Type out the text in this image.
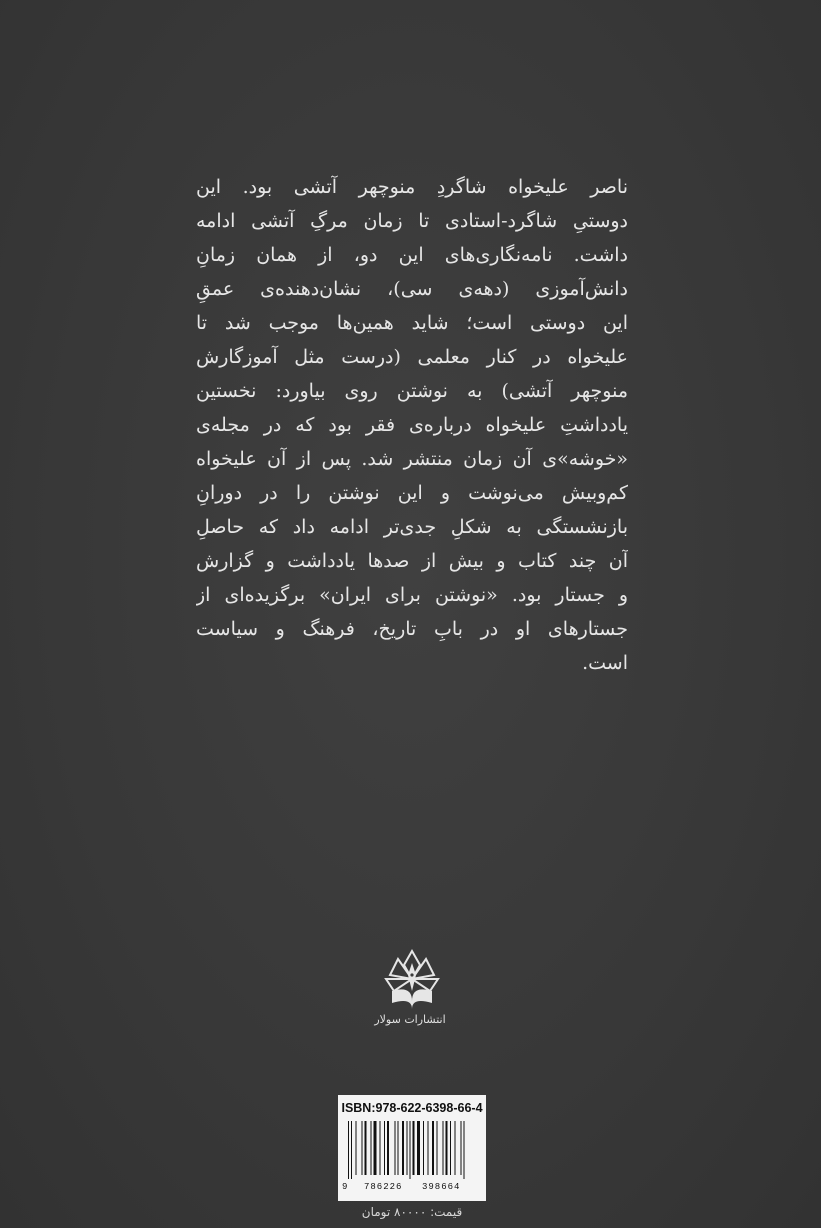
ناصر علیخواه شاگردِ منوچهر آتشی بود. این
دوستیِ شاگرد-استادی تا زمان مرگِ آتشی ادامه
داشت. نامه‌نگاری‌های این دو، از همان زمانِ
دانش‌آموزی (دهه‌ی سی)، نشان‌دهنده‌ی عمقِ
این دوستی است؛ شاید همین‌ها موجب شد تا
علیخواه در کنار معلمی (درست مثل آموزگارش
منوچهر آتشی) به نوشتن روی بیاورد: نخستین
یادداشتِ علیخواه درباره‌ی فقر بود که در مجله‌ی
«خوشه»ی آن زمان منتشر شد. پس از آن علیخواه
کم‌وبیش می‌نوشت و این نوشتن را در دورانِ
بازنشستگی به شکلِ جدی‌تر ادامه داد که حاصلِ
آن چند کتاب و بیش از صدها یادداشت و گزارش
و جستار بود. «نوشتن برای ایران» برگزیده‌ای از
جستارهای او در بابِ تاریخ، فرهنگ و سیاست
است.
انتشارات سولار
ISBN:978-622-6398-66-4
9 786226 398664
قیمت: ۸۰۰۰۰ تومان
